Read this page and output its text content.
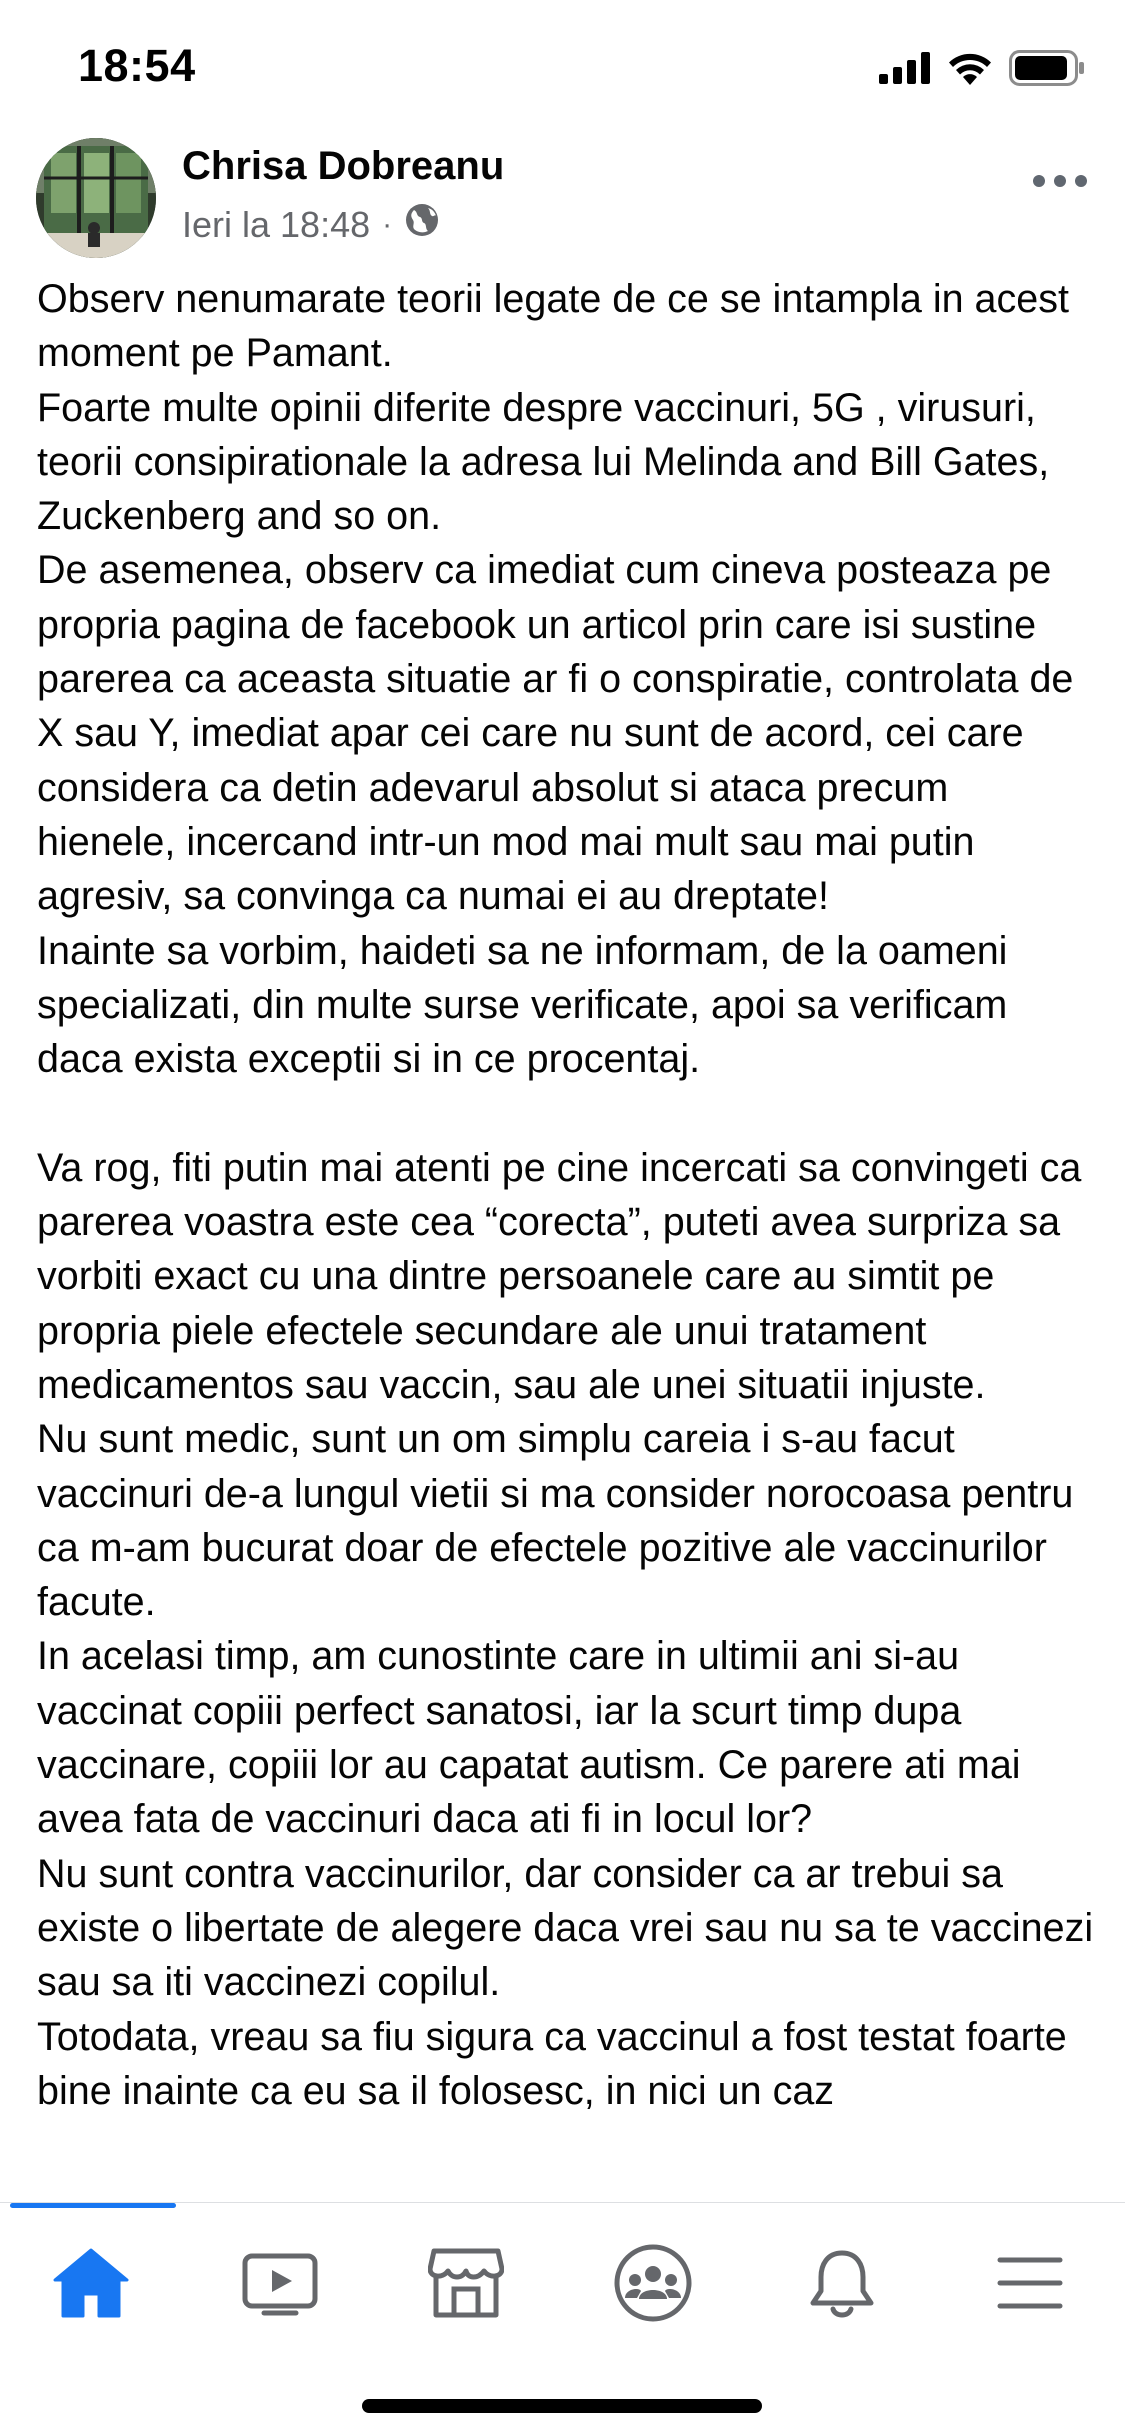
18:54
Chrisa Dobreanu
Ieri la 18:48 ·

Observ nenumarate teorii legate de ce se intampla in acest moment pe Pamant.

Foarte multe opinii diferite despre vaccinuri, 5G , virusuri, teorii consipirationale la adresa lui Melinda and Bill Gates, Zuckenberg and so on.

De asemenea, observ ca imediat cum cineva posteaza pe propria pagina de facebook un articol prin care isi sustine parerea ca aceasta situatie ar fi o conspiratie, controlata de X sau Y, imediat apar cei care nu sunt de acord, cei care considera ca detin adevarul absolut si ataca precum hienele, incercand intr-un mod mai mult sau mai putin agresiv, sa convinga ca numai ei au dreptate!

Inainte sa vorbim, haideti sa ne informam, de la oameni specializati, din multe surse verificate, apoi sa verificam daca exista exceptii si in ce procentaj.

Va rog, fiti putin mai atenti pe cine incercati sa convingeti ca parerea voastra este cea “corecta”, puteti avea surpriza sa vorbiti exact cu una dintre persoanele care au simtit pe propria piele efectele secundare ale unui tratament medicamentos sau vaccin, sau ale unei situatii injuste.

Nu sunt medic, sunt un om simplu careia i s-au facut vaccinuri de-a lungul vietii si ma consider norocoasa pentru ca m-am bucurat doar de efectele pozitive ale vaccinurilor facute.

In acelasi timp, am cunostinte care in ultimii ani si-au vaccinat copiii perfect sanatosi, iar la scurt timp dupa vaccinare, copiii lor au capatat autism. Ce parere ati mai avea fata de vaccinuri daca ati fi in locul lor?

Nu sunt contra vaccinurilor, dar consider ca ar trebui sa existe o libertate de alegere daca vrei sau nu sa te vaccinezi sau sa iti vaccinezi copilul.

Totodata, vreau sa fiu sigura ca vaccinul a fost testat foarte bine inainte ca eu sa il folosesc, in nici un caz
